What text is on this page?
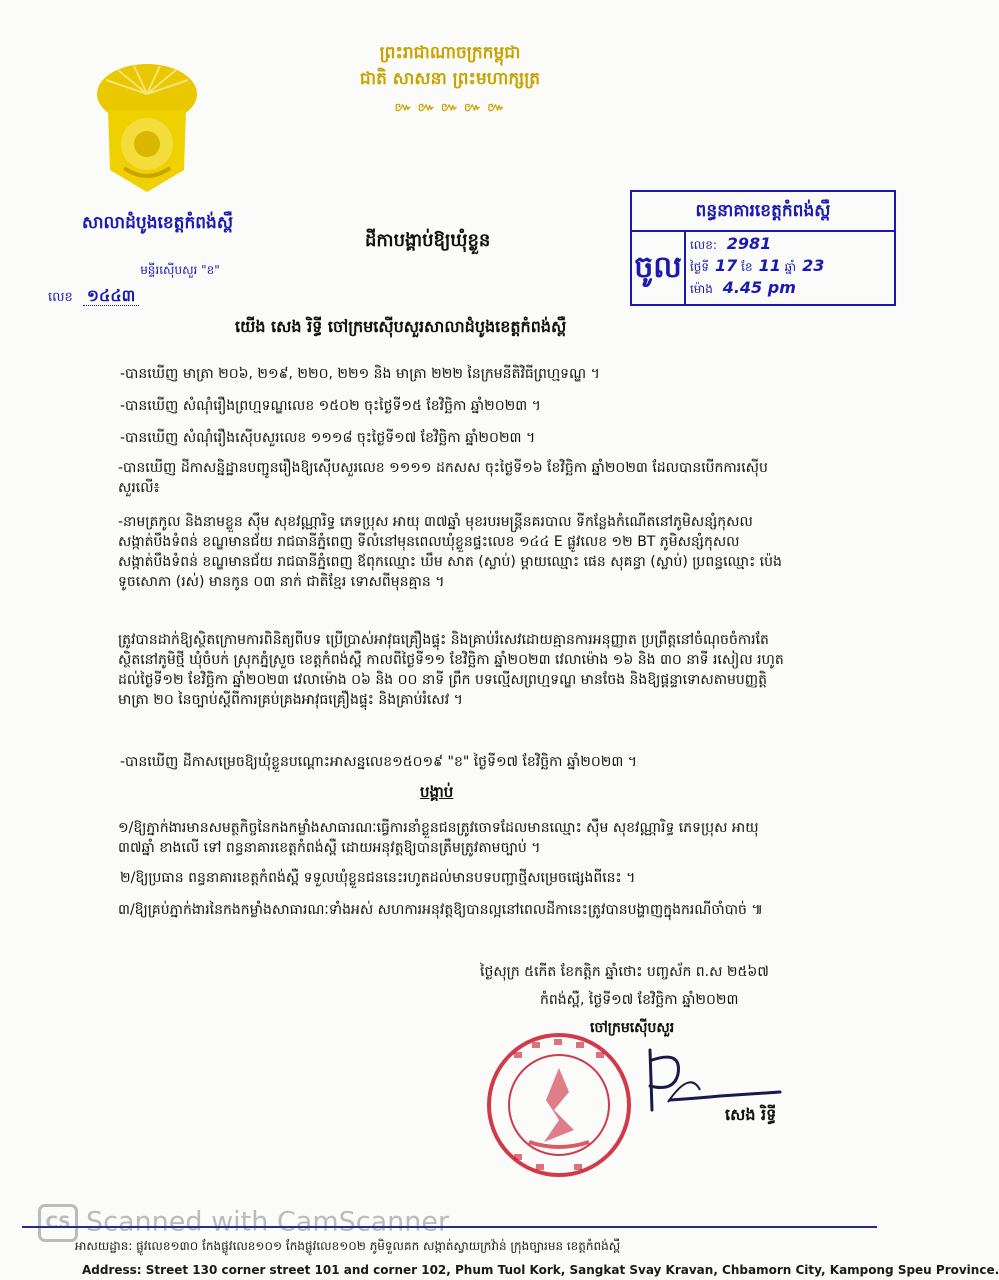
ព្រះរាជាណាចក្រកម្ពុជា
ជាតិ សាសនា ព្រះមហាក្សត្រ
៚ ៚ ៚ ៚ ៚
សាលាដំបូងខេត្តកំពង់ស្ពឺ
មន្ទីរស៊ើបសួរ "ខ"
លេខ ១៤៤៣
ដីកាបង្គាប់ឱ្យឃុំខ្លួន
ពន្ធនាគារខេត្តកំពង់ស្ពឺ
ចូល
លេខ: 2981
ថ្ងៃទី 17 ខែ 11 ឆ្នាំ 23
ម៉ោង 4.45 pm
យើង សេង រិទ្ធី ចៅក្រមស៊ើបសួរសាលាដំបូងខេត្តកំពង់ស្ពឺ
-បានឃើញ មាត្រា ២០៦, ២១៩, ២២០, ២២១ និង មាត្រា ២២២ នៃក្រមនីតិវិធីព្រហ្មទណ្ឌ ។
-បានឃើញ សំណុំរឿងព្រហ្មទណ្ឌលេខ ១៥០២ ចុះថ្ងៃទី១៥ ខែវិច្ឆិកា ឆ្នាំ២០២៣ ។
-បានឃើញ សំណុំរឿងស៊ើបសួរលេខ ១១១៨ ចុះថ្ងៃទី១៧ ខែវិច្ឆិកា ឆ្នាំ២០២៣ ។
-បានឃើញ ដីកាសន្និដ្ឋានបញ្ជូនរឿងឱ្យស៊ើបសួរលេខ ១១១១ ដកសស ចុះថ្ងៃទី១៦ ខែវិច្ឆិកា ឆ្នាំ២០២៣ ដែលបានបើកការស៊ើបសួរលើ៖
-នាមត្រកូល និងនាមខ្លួន ស៊ឹម សុខវណ្ណារិទ្ធ ភេទប្រុស អាយុ ៣៧ឆ្នាំ មុខរបរមន្ត្រីនគរបាល ទីកន្លែងកំណើតនៅភូមិសន្សំកុសល សង្កាត់បឹងទំពន់ ខណ្ឌមានជ័យ រាជធានីភ្នំពេញ ទីលំនៅមុនពេលឃុំខ្លួនផ្ទះលេខ ១៤៤ E ផ្លូវលេខ ១២ BT ភូមិសន្សំកុសល សង្កាត់បឹងទំពន់ ខណ្ឌមានជ័យ រាជធានីភ្នំពេញ ឪពុកឈ្មោះ ឃឹម សាត (ស្លាប់) ម្ដាយឈ្មោះ ផេន សុគន្ធា (ស្លាប់) ប្រពន្ធឈ្មោះ ប៉េង ទូចសោភា (រស់) មានកូន ០៣ នាក់ ជាតិខ្មែរ ទោសពីមុនគ្មាន ។
ត្រូវបានដាក់ឱ្យស្ថិតក្រោមការពិនិត្យពីបទ ប្រើប្រាស់អាវុធគ្រឿងផ្ទុះ និងគ្រាប់រំសេវដោយគ្មានការអនុញ្ញាត ប្រព្រឹត្តនៅចំណុចចំការតែ ស្ថិតនៅភូមិថ្មី ឃុំចំបក់ ស្រុកភ្នំស្រួច ខេត្តកំពង់ស្ពឺ កាលពីថ្ងៃទី១១ ខែវិច្ឆិកា ឆ្នាំ២០២៣ វេលាម៉ោង ១៦ និង ៣០ នាទី រសៀល រហូតដល់ថ្ងៃទី១២ ខែវិច្ឆិកា ឆ្នាំ២០២៣ វេលាម៉ោង ០៦ និង ០០ នាទី ព្រឹក បទល្មើសព្រហ្មទណ្ឌ មានចែង និងឱ្យផ្ដន្ទាទោសតាមបញ្ញត្តិមាត្រា ២០ នៃច្បាប់ស្ដីពីការគ្រប់គ្រងអាវុធគ្រឿងផ្ទុះ និងគ្រាប់រំសេវ ។
-បានឃើញ ដីកាសម្រេចឱ្យឃុំខ្លួនបណ្ដោះអាសន្នលេខ១៥០១៩ "ខ" ថ្ងៃទី១៧ ខែវិច្ឆិកា ឆ្នាំ២០២៣ ។
បង្គាប់
១/ឱ្យភ្នាក់ងារមានសមត្ថកិច្ចនៃកងកម្លាំងសាធារណៈធ្វើការនាំខ្លួនជនត្រូវចោទដែលមានឈ្មោះ ស៊ឹម សុខវណ្ណារិទ្ធ ភេទប្រុស អាយុ ៣៧ឆ្នាំ ខាងលើ ទៅ ពន្ធនាគារខេត្តកំពង់ស្ពឺ ដោយអនុវត្តឱ្យបានត្រឹមត្រូវតាមច្បាប់ ។
២/ឱ្យប្រធាន ពន្ធនាគារខេត្តកំពង់ស្ពឺ ទទួលឃុំខ្លួនជននេះរហូតដល់មានបទបញ្ជាថ្មីសម្រេចផ្សេងពីនេះ ។
៣/ឱ្យគ្រប់ភ្នាក់ងារនៃកងកម្លាំងសាធារណៈទាំងអស់ សហការអនុវត្តឱ្យបានល្អនៅពេលដីកានេះត្រូវបានបង្ហាញក្នុងករណីចាំបាច់ ៕
ថ្ងៃសុក្រ ៥កើត ខែកត្តិក ឆ្នាំថោះ បញ្ចស័ក ព.ស ២៥៦៧
កំពង់ស្ពឺ, ថ្ងៃទី១៧ ខែវិច្ឆិកា ឆ្នាំ២០២៣
ចៅក្រមស៊ើបសួរ
សេង រិទ្ធី
CS Scanned with CamScanner
អាសយដ្ឋាន: ផ្លូវលេខ១៣០ កែងផ្លូវលេខ១០១ កែងផ្លូវលេខ១០២ ភូមិទួលគក សង្កាត់ស្វាយក្រវ៉ាន់ ក្រុងច្បារមន ខេត្តកំពង់ស្ពឺ
Address: Street 130 corner street 101 and corner 102, Phum Tuol Kork, Sangkat Svay Kravan, Chbamorn City, Kampong Speu Province.
